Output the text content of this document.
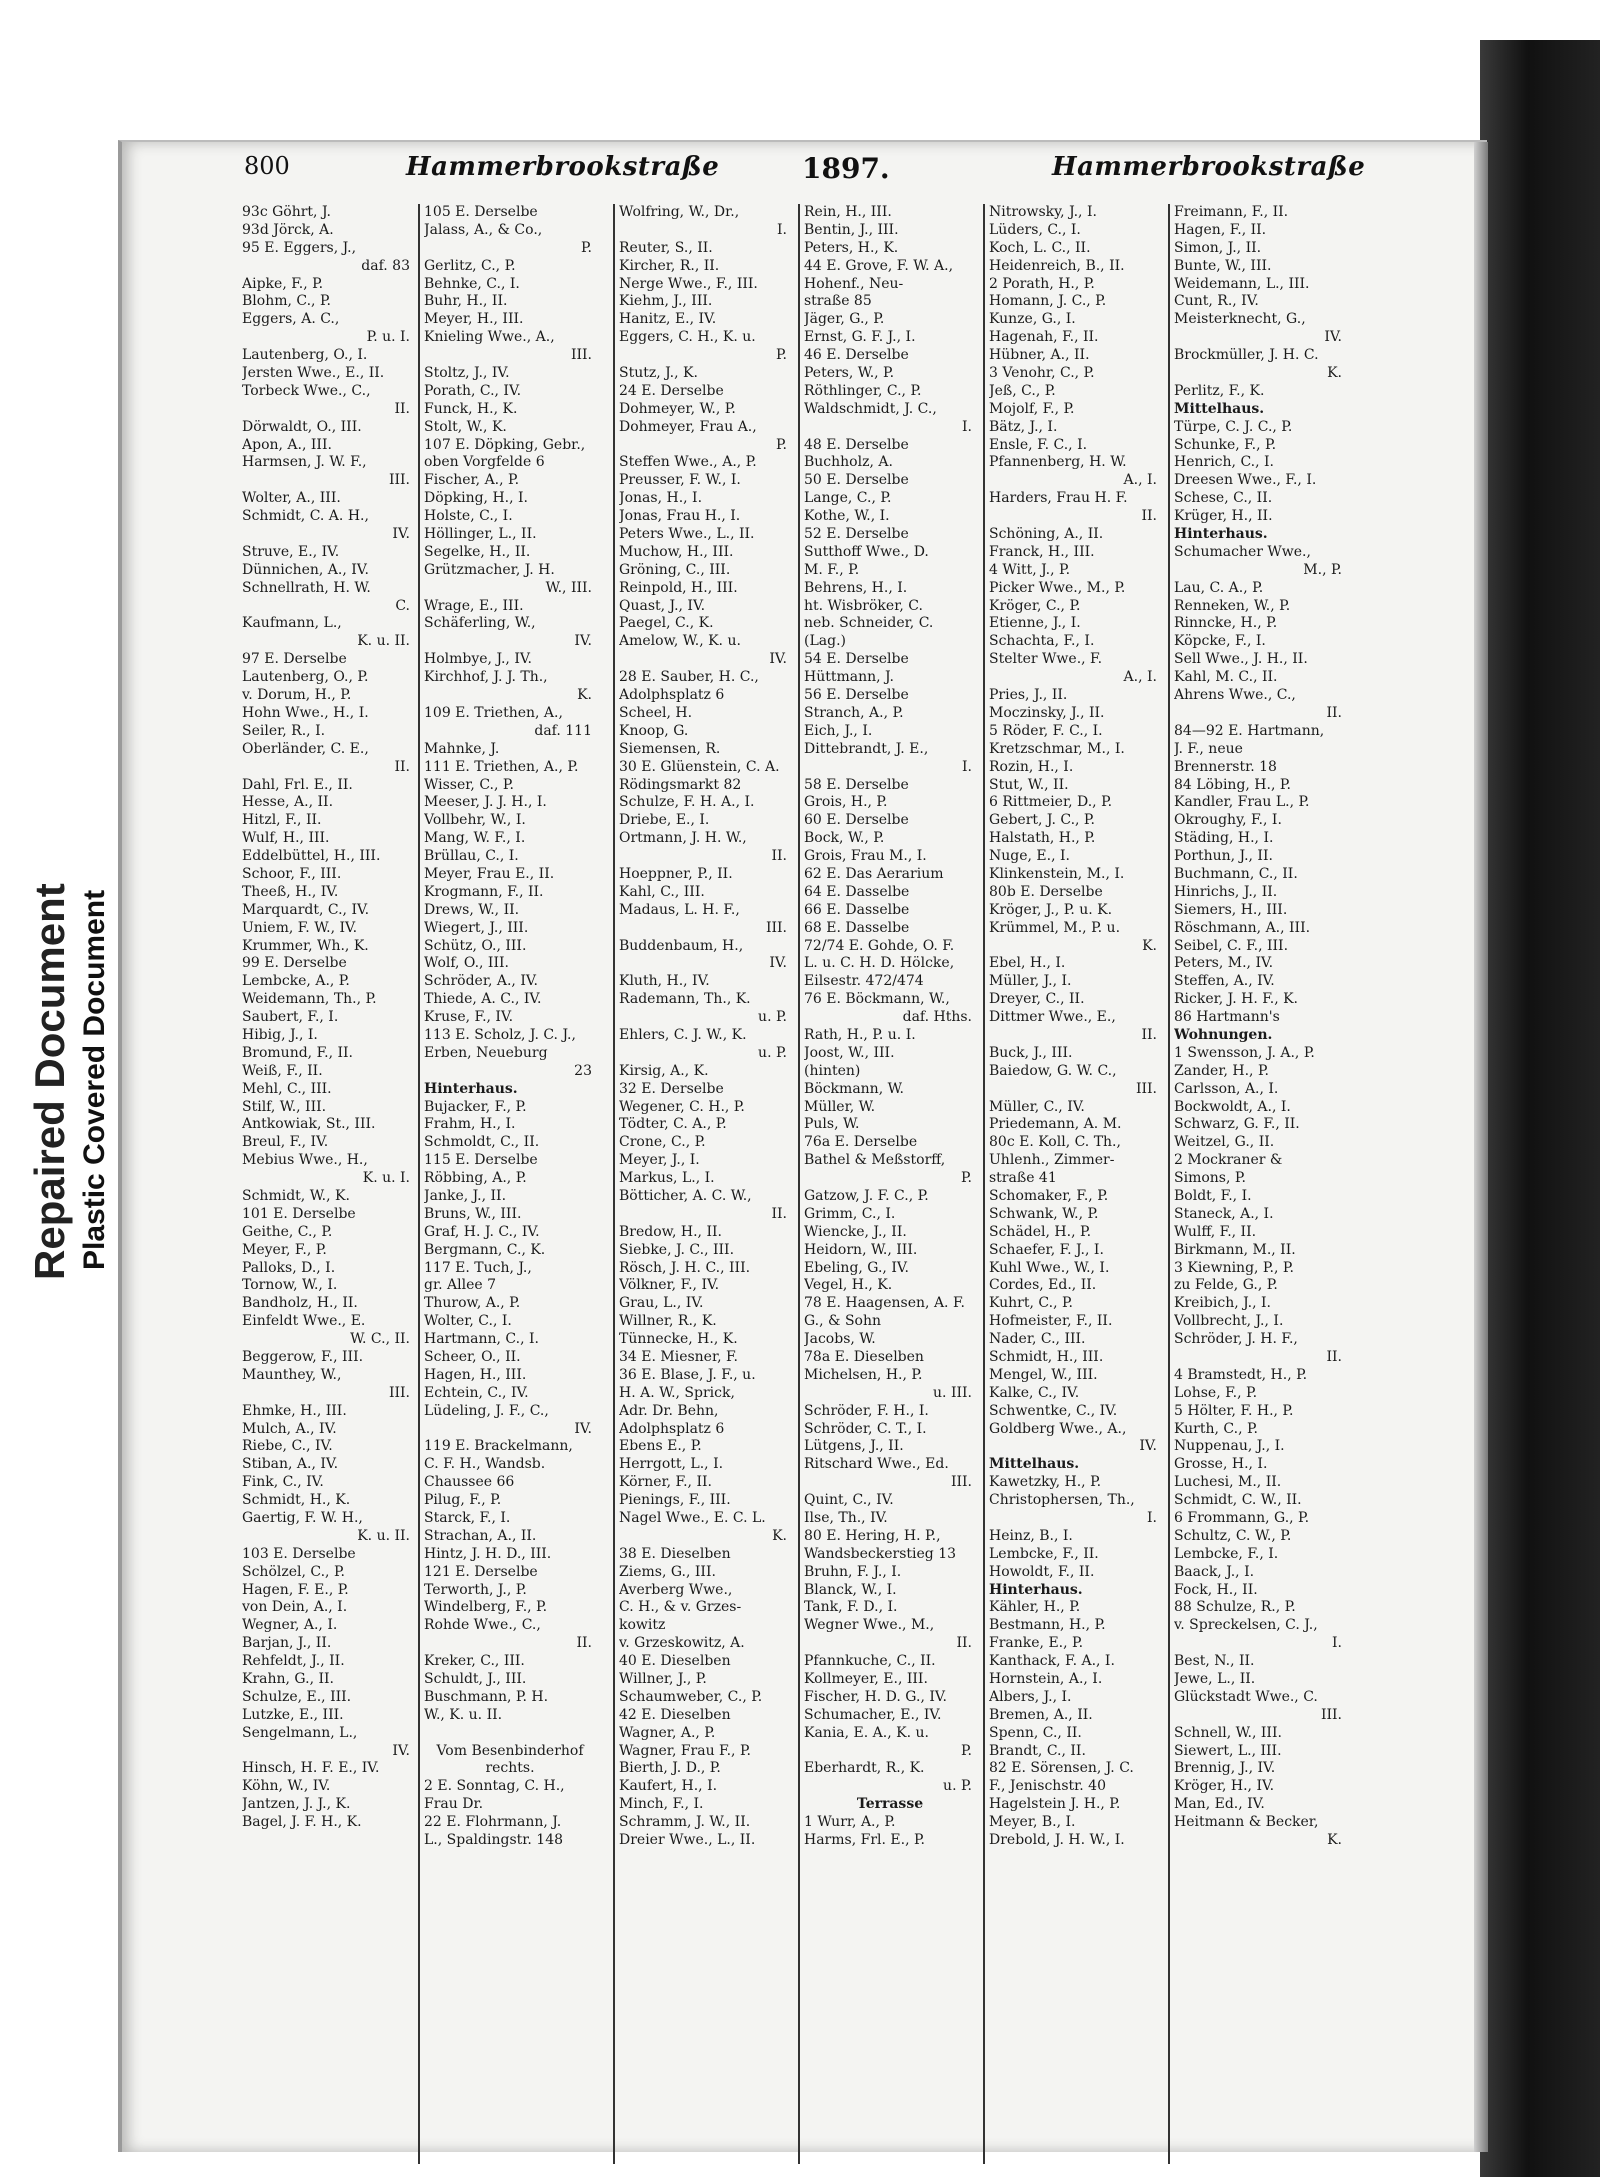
Repaired Document Plastic Covered Document
800	Hammerbrookstraße	1897.	Hammerbrookstraße
93c Göhrt, J.
93d Jörck, A.
95 E. Eggers, J.,
daf. 83
Aipke, F., P.
Blohm, C., P.
Eggers, A. C.,
P. u. I.
Lautenberg, O., I.
Jersten Wwe., E., II.
Torbeck Wwe., C.,
II.
Dörwaldt, O., III.
Apon, A., III.
Harmsen, J. W. F.,
III.
Wolter, A., III.
Schmidt, C. A. H.,
IV.
Struve, E., IV.
Dünnichen, A., IV.
Schnellrath, H. W.
C.
Kaufmann, L.,
K. u. II.
97 E. Derselbe
Lautenberg, O., P.
v. Dorum, H., P.
Hohn Wwe., H., I.
Seiler, R., I.
Oberländer, C. E.,
II.
Dahl, Frl. E., II.
Hesse, A., II.
Hitzl, F., II.
Wulf, H., III.
Eddelbüttel, H., III.
Schoor, F., III.
Theeß, H., IV.
Marquardt, C., IV.
Uniem, F. W., IV.
Krummer, Wh., K.
99 E. Derselbe
Lembcke, A., P.
Weidemann, Th., P.
Saubert, F., I.
Hibig, J., I.
Bromund, F., II.
Weiß, F., II.
Mehl, C., III.
Stilf, W., III.
Antkowiak, St., III.
Breul, F., IV.
Mebius Wwe., H.,
K. u. I.
Schmidt, W., K.
101 E. Derselbe
Geithe, C., P.
Meyer, F., P.
Palloks, D., I.
Tornow, W., I.
Bandholz, H., II.
Einfeldt Wwe., E.
W. C., II.
Beggerow, F., III.
Maunthey, W.,
III.
Ehmke, H., III.
Mulch, A., IV.
Riebe, C., IV.
Stiban, A., IV.
Fink, C., IV.
Schmidt, H., K.
Gaertig, F. W. H.,
K. u. II.
103 E. Derselbe
Schölzel, C., P.
Hagen, F. E., P.
von Dein, A., I.
Wegner, A., I.
Barjan, J., II.
Rehfeldt, J., II.
Krahn, G., II.
Schulze, E., III.
Lutzke, E., III.
Sengelmann, L.,
IV.
Hinsch, H. F. E., IV.
Köhn, W., IV.
Jantzen, J. J., K.
Bagel, J. F. H., K.
105 E. Derselbe
Jalass, A., & Co.,
P.
Gerlitz, C., P.
Behnke, C., I.
Buhr, H., II.
Meyer, H., III.
Knieling Wwe., A.,
III.
Stoltz, J., IV.
Porath, C., IV.
Funck, H., K.
Stolt, W., K.
107 E. Döpking, Gebr.,
oben Vorgfelde 6
Fischer, A., P.
Döpking, H., I.
Holste, C., I.
Höllinger, L., II.
Segelke, H., II.
Grützmacher, J. H.
W., III.
Wrage, E., III.
Schäferling, W.,
IV.
Holmbye, J., IV.
Kirchhof, J. J. Th.,
K.
109 E. Triethen, A.,
daf. 111
Mahnke, J.
111 E. Triethen, A., P.
Wisser, C., P.
Meeser, J. J. H., I.
Vollbehr, W., I.
Mang, W. F., I.
Brüllau, C., I.
Meyer, Frau E., II.
Krogmann, F., II.
Drews, W., II.
Wiegert, J., III.
Schütz, O., III.
Wolf, O., III.
Schröder, A., IV.
Thiede, A. C., IV.
Kruse, F., IV.
113 E. Scholz, J. C. J.,
Erben, Neueburg
23
Hinterhaus.
Bujacker, F., P.
Frahm, H., I.
Schmoldt, C., II.
115 E. Derselbe
Röbbing, A., P.
Janke, J., II.
Bruns, W., III.
Graf, H. J. C., IV.
Bergmann, C., K.
117 E. Tuch, J.,
gr. Allee 7
Thurow, A., P.
Wolter, C., I.
Hartmann, C., I.
Scheer, O., II.
Hagen, H., III.
Echtein, C., IV.
Lüdeling, J. F., C.,
IV.
119 E. Brackelmann,
C. F. H., Wandsb.
Chaussee 66
Pilug, F., P.
Starck, F., I.
Strachan, A., II.
Hintz, J. H. D., III.
121 E. Derselbe
Terworth, J., P.
Windelberg, F., P.
Rohde Wwe., C.,
II.
Kreker, C., III.
Schuldt, J., III.
Buschmann, P. H.
W., K. u. II.
Vom Besenbinderhof
rechts.
2 E. Sonntag, C. H.,
Frau Dr.
22 E. Flohrmann, J.
L., Spaldingstr. 148
Wolfring, W., Dr.,
I.
Reuter, S., II.
Kircher, R., II.
Nerge Wwe., F., III.
Kiehm, J., III.
Hanitz, E., IV.
Eggers, C. H., K. u.
P.
Stutz, J., K.
24 E. Derselbe
Dohmeyer, W., P.
Dohmeyer, Frau A.,
P.
Steffen Wwe., A., P.
Preusser, F. W., I.
Jonas, H., I.
Jonas, Frau H., I.
Peters Wwe., L., II.
Muchow, H., III.
Gröning, C., III.
Reinpold, H., III.
Quast, J., IV.
Paegel, C., K.
Amelow, W., K. u.
IV.
28 E. Sauber, H. C.,
Adolphsplatz 6
Scheel, H.
Knoop, G.
Siemensen, R.
30 E. Glüenstein, C. A.
Rödingsmarkt 82
Schulze, F. H. A., I.
Driebe, E., I.
Ortmann, J. H. W.,
II.
Hoeppner, P., II.
Kahl, C., III.
Madaus, L. H. F.,
III.
Buddenbaum, H.,
IV.
Kluth, H., IV.
Rademann, Th., K.
u. P.
Ehlers, C. J. W., K.
u. P.
Kirsig, A., K.
32 E. Derselbe
Wegener, C. H., P.
Tödter, C. A., P.
Crone, C., P.
Meyer, J., I.
Markus, L., I.
Bötticher, A. C. W.,
II.
Bredow, H., II.
Siebke, J. C., III.
Rösch, J. H. C., III.
Völkner, F., IV.
Grau, L., IV.
Willner, R., K.
Tünnecke, H., K.
34 E. Miesner, F.
36 E. Blase, J. F., u.
H. A. W., Sprick,
Adr. Dr. Behn,
Adolphsplatz 6
Ebens E., P.
Herrgott, L., I.
Körner, F., II.
Pienings, F., III.
Nagel Wwe., E. C. L.
K.
38 E. Dieselben
Ziems, G., III.
Averberg Wwe.,
C. H., & v. Grzes-
kowitz
v. Grzeskowitz, A.
40 E. Dieselben
Willner, J., P.
Schaumweber, C., P.
42 E. Dieselben
Wagner, A., P.
Wagner, Frau F., P.
Bierth, J. D., P.
Kaufert, H., I.
Minch, F., I.
Schramm, J. W., II.
Dreier Wwe., L., II.
Rein, H., III.
Bentin, J., III.
Peters, H., K.
44 E. Grove, F. W. A.,
Hohenf., Neu-
straße 85
Jäger, G., P.
Ernst, G. F. J., I.
46 E. Derselbe
Peters, W., P.
Röthlinger, C., P.
Waldschmidt, J. C.,
I.
48 E. Derselbe
Buchholz, A.
50 E. Derselbe
Lange, C., P.
Kothe, W., I.
52 E. Derselbe
Sutthoff Wwe., D.
M. F., P.
Behrens, H., I.
ht. Wisbröker, C.
neb. Schneider, C.
(Lag.)
54 E. Derselbe
Hüttmann, J.
56 E. Derselbe
Stranch, A., P.
Eich, J., I.
Dittebrandt, J. E.,
I.
58 E. Derselbe
Grois, H., P.
60 E. Derselbe
Bock, W., P.
Grois, Frau M., I.
62 E. Das Aerarium
64 E. Dasselbe
66 E. Dasselbe
68 E. Dasselbe
72/74 E. Gohde, O. F.
L. u. C. H. D. Hölcke,
Eilsestr. 472/474
76 E. Böckmann, W.,
daf. Hths.
Rath, H., P. u. I.
Joost, W., III.
(hinten)
Böckmann, W.
Müller, W.
Puls, W.
76a E. Derselbe
Bathel & Meßstorff,
P.
Gatzow, J. F. C., P.
Grimm, C., I.
Wiencke, J., II.
Heidorn, W., III.
Ebeling, G., IV.
Vegel, H., K.
78 E. Haagensen, A. F.
G., & Sohn
Jacobs, W.
78a E. Dieselben
Michelsen, H., P.
u. III.
Schröder, F. H., I.
Schröder, C. T., I.
Lütgens, J., II.
Ritschard Wwe., Ed.
III.
Quint, C., IV.
Ilse, Th., IV.
80 E. Hering, H. P.,
Wandsbeckerstieg 13
Bruhn, F. J., I.
Blanck, W., I.
Tank, F. D., I.
Wegner Wwe., M.,
II.
Pfannkuche, C., II.
Kollmeyer, E., III.
Fischer, H. D. G., IV.
Schumacher, E., IV.
Kania, E. A., K. u.
P.
Eberhardt, R., K.
u. P.
Terrasse
1 Wurr, A., P.
Harms, Frl. E., P.
Nitrowsky, J., I.
Lüders, C., I.
Koch, L. C., II.
Heidenreich, B., II.
2 Porath, H., P.
Homann, J. C., P.
Kunze, G., I.
Hagenah, F., II.
Hübner, A., II.
3 Venohr, C., P.
Jeß, C., P.
Mojolf, F., P.
Bätz, J., I.
Ensle, F. C., I.
Pfannenberg, H. W.
A., I.
Harders, Frau H. F.
II.
Schöning, A., II.
Franck, H., III.
4 Witt, J., P.
Picker Wwe., M., P.
Kröger, C., P.
Etienne, J., I.
Schachta, F., I.
Stelter Wwe., F.
A., I.
Pries, J., II.
Moczinsky, J., II.
5 Röder, F. C., I.
Kretzschmar, M., I.
Rozin, H., I.
Stut, W., II.
6 Rittmeier, D., P.
Gebert, J. C., P.
Halstath, H., P.
Nuge, E., I.
Klinkenstein, M., I.
80b E. Derselbe
Kröger, J., P. u. K.
Krümmel, M., P. u.
K.
Ebel, H., I.
Müller, J., I.
Dreyer, C., II.
Dittmer Wwe., E.,
II.
Buck, J., III.
Baiedow, G. W. C.,
III.
Müller, C., IV.
Priedemann, A. M.
80c E. Koll, C. Th.,
Uhlenh., Zimmer-
straße 41
Schomaker, F., P.
Schwank, W., P.
Schädel, H., P.
Schaefer, F. J., I.
Kuhl Wwe., W., I.
Cordes, Ed., II.
Kuhrt, C., P.
Hofmeister, F., II.
Nader, C., III.
Schmidt, H., III.
Mengel, W., III.
Kalke, C., IV.
Schwentke, C., IV.
Goldberg Wwe., A.,
IV.
Mittelhaus.
Kawetzky, H., P.
Christophersen, Th.,
I.
Heinz, B., I.
Lembcke, F., II.
Howoldt, F., II.
Hinterhaus.
Kähler, H., P.
Bestmann, H., P.
Franke, E., P.
Kanthack, F. A., I.
Hornstein, A., I.
Albers, J., I.
Bremen, A., II.
Spenn, C., II.
Brandt, C., II.
82 E. Sörensen, J. C.
F., Jenischstr. 40
Hagelstein J. H., P.
Meyer, B., I.
Drebold, J. H. W., I.
Freimann, F., II.
Hagen, F., II.
Simon, J., II.
Bunte, W., III.
Weidemann, L., III.
Cunt, R., IV.
Meisterknecht, G.,
IV.
Brockmüller, J. H. C.
K.
Perlitz, F., K.
Mittelhaus.
Türpe, C. J. C., P.
Schunke, F., P.
Henrich, C., I.
Dreesen Wwe., F., I.
Schese, C., II.
Krüger, H., II.
Hinterhaus.
Schumacher Wwe.,
M., P.
Lau, C. A., P.
Renneken, W., P.
Rinncke, H., P.
Köpcke, F., I.
Sell Wwe., J. H., II.
Kahl, M. C., II.
Ahrens Wwe., C.,
II.
84—92 E. Hartmann,
J. F., neue
Brennerstr. 18
84 Löbing, H., P.
Kandler, Frau L., P.
Okroughy, F., I.
Städing, H., I.
Porthun, J., II.
Buchmann, C., II.
Hinrichs, J., II.
Siemers, H., III.
Röschmann, A., III.
Seibel, C. F., III.
Peters, M., IV.
Steffen, A., IV.
Ricker, J. H. F., K.
86 Hartmann's
Wohnungen.
1 Swensson, J. A., P.
Zander, H., P.
Carlsson, A., I.
Bockwoldt, A., I.
Schwarz, G. F., II.
Weitzel, G., II.
2 Mockraner &
Simons, P.
Boldt, F., I.
Staneck, A., I.
Wulff, F., II.
Birkmann, M., II.
3 Kiewning, P., P.
zu Felde, G., P.
Kreibich, J., I.
Vollbrecht, J., I.
Schröder, J. H. F.,
II.
4 Bramstedt, H., P.
Lohse, F., P.
5 Hölter, F. H., P.
Kurth, C., P.
Nuppenau, J., I.
Grosse, H., I.
Luchesi, M., II.
Schmidt, C. W., II.
6 Frommann, G., P.
Schultz, C. W., P.
Lembcke, F., I.
Baack, J., I.
Fock, H., II.
88 Schulze, R., P.
v. Spreckelsen, C. J.,
I.
Best, N., II.
Jewe, L., II.
Glückstadt Wwe., C.
III.
Schnell, W., III.
Siewert, L., III.
Brennig, J., IV.
Kröger, H., IV.
Man, Ed., IV.
Heitmann & Becker,
K.
